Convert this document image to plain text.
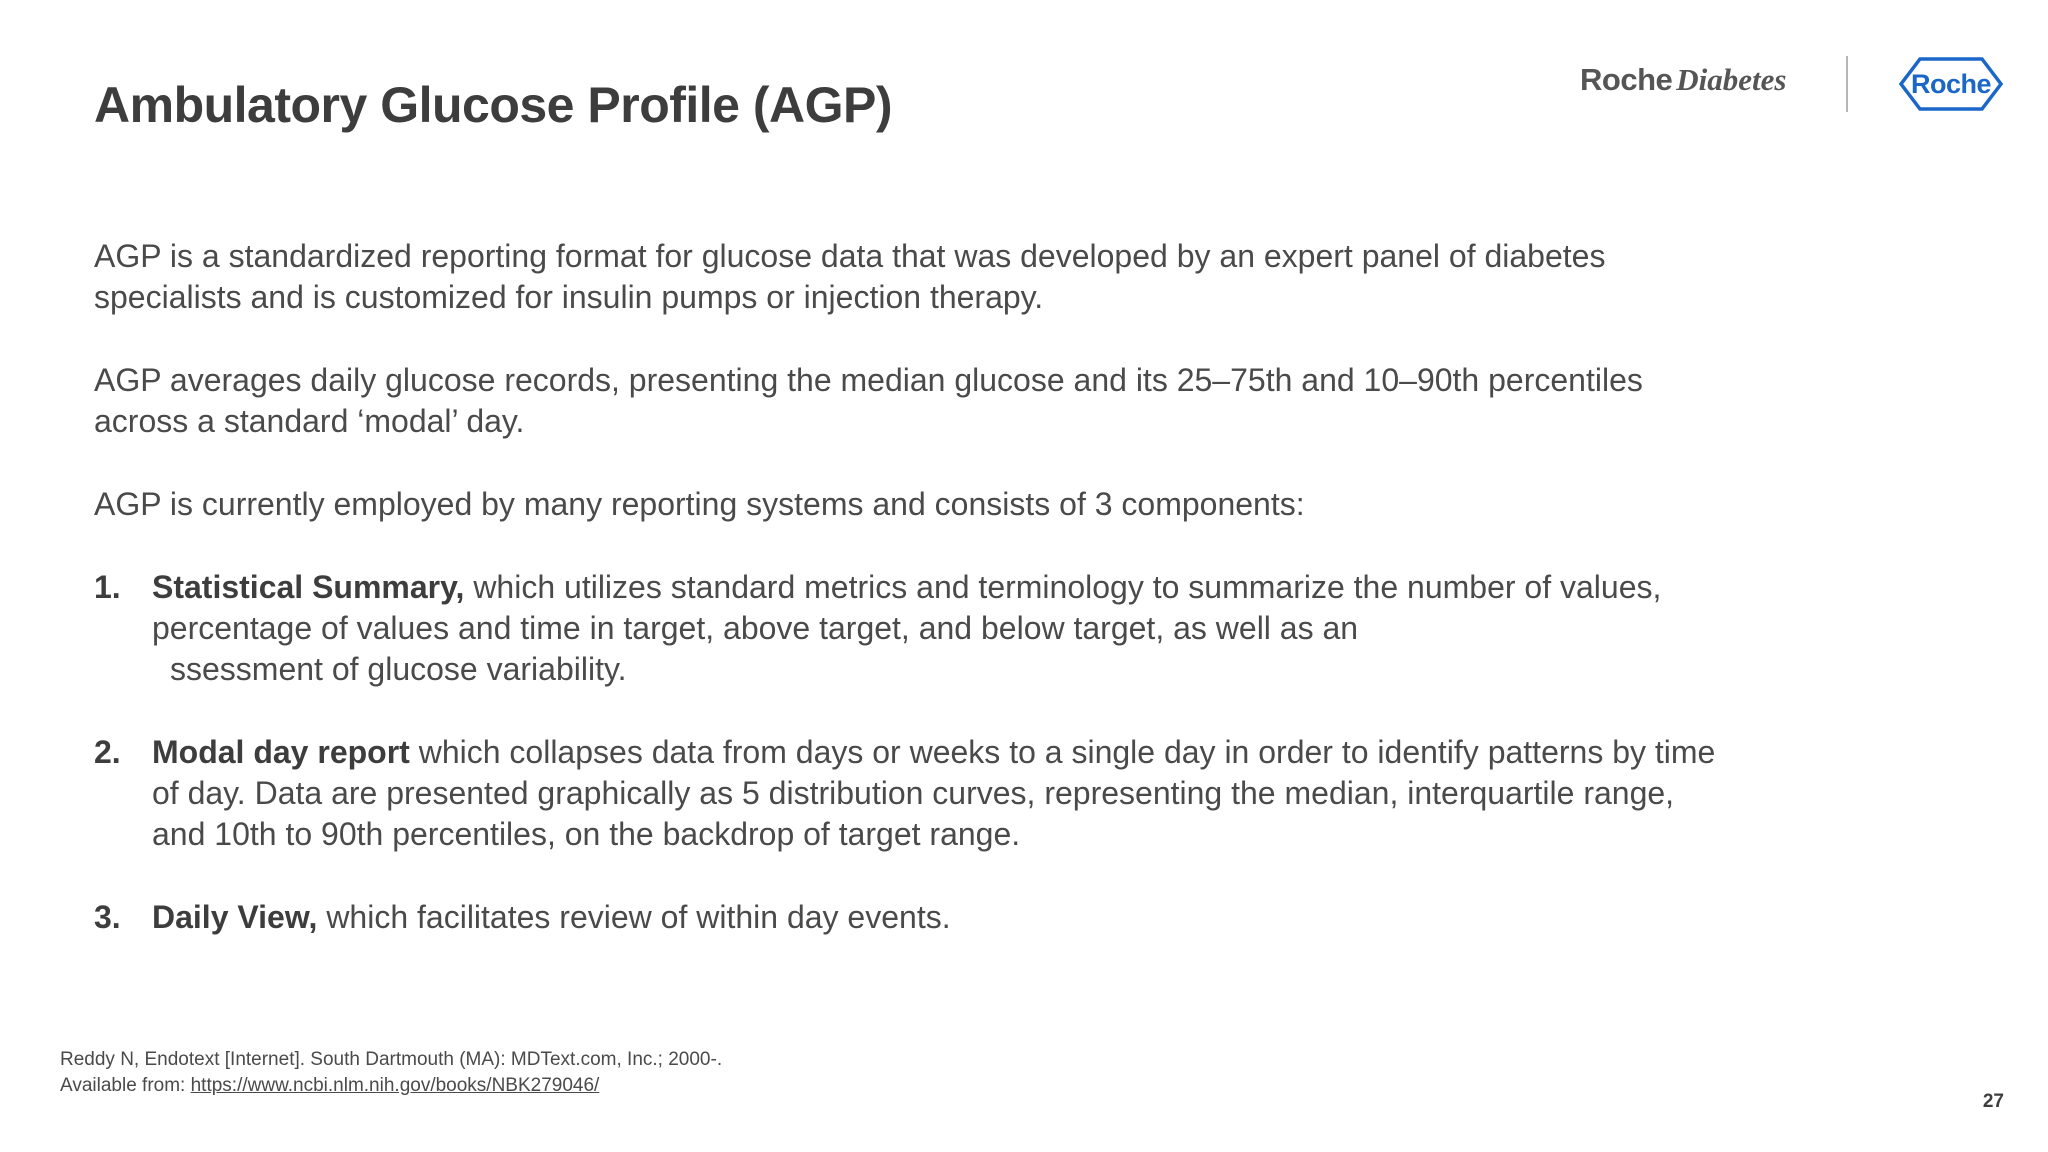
Ambulatory Glucose Profile (AGP)	Roche Diabetes	Roche

AGP is a standardized reporting format for glucose data that was developed by an expert panel of diabetes specialists and is customized for insulin pumps or injection therapy.

AGP averages daily glucose records, presenting the median glucose and its 25–75th and 10–90th percentiles across a standard ‘modal’ day.

AGP is currently employed by many reporting systems and consists of 3 components:

1. Statistical Summary, which utilizes standard metrics and terminology to summarize the number of values, percentage of values and time in target, above target, and below target, as well as an
ssessment of glucose variability.
2. Modal day report which collapses data from days or weeks to a single day in order to identify patterns by time of day. Data are presented graphically as 5 distribution curves, representing the median, interquartile range, and 10th to 90th percentiles, on the backdrop of target range.
3. Daily View, which facilitates review of within day events.
Reddy N, Endotext [Internet]. South Dartmouth (MA): MDText.com, Inc.; 2000-.
Available from: https://www.ncbi.nlm.nih.gov/books/NBK279046/
27
